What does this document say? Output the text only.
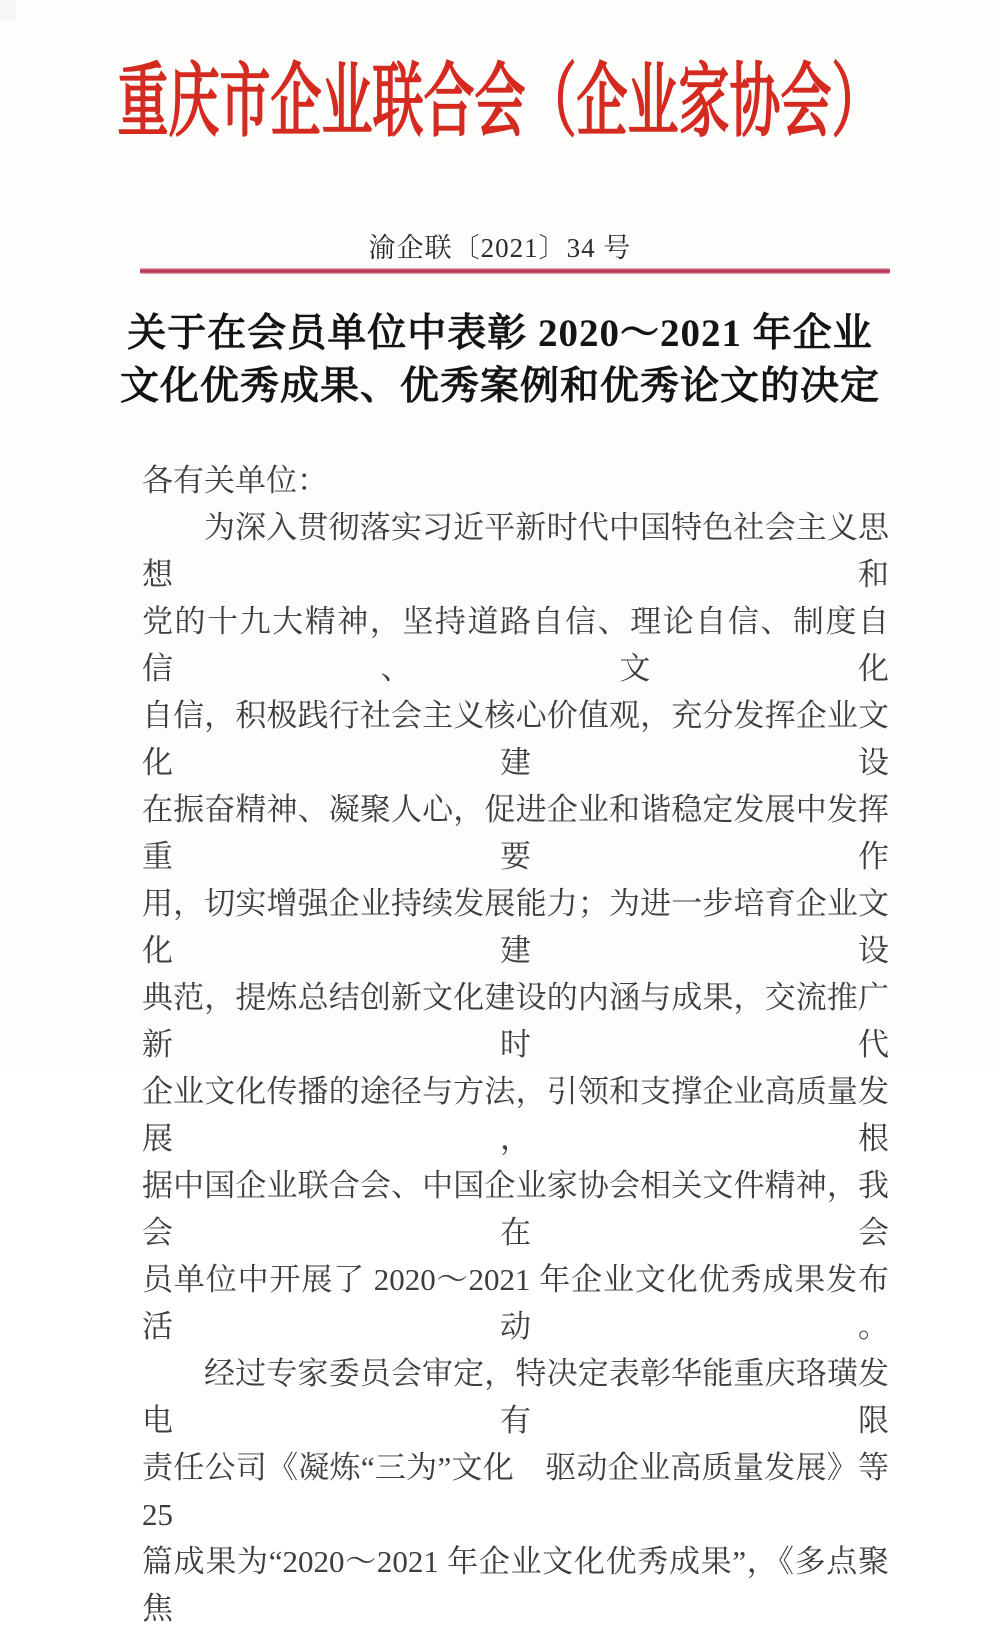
重庆市企业联合会（企业家协会）
渝企联〔2021〕34 号
关于在会员单位中表彰 2020～2021 年企业
文化优秀成果、优秀案例和优秀论文的决定
各有关单位：
为深入贯彻落实习近平新时代中国特色社会主义思想和
党的十九大精神，坚持道路自信、理论自信、制度自信、文化
自信，积极践行社会主义核心价值观，充分发挥企业文化建设
在振奋精神、凝聚人心，促进企业和谐稳定发展中发挥重要作
用，切实增强企业持续发展能力；为进一步培育企业文化建设
典范，提炼总结创新文化建设的内涵与成果，交流推广新时代
企业文化传播的途径与方法，引领和支撑企业高质量发展，根
据中国企业联合会、中国企业家协会相关文件精神，我会在会
员单位中开展了 2020～2021 年企业文化优秀成果发布活动。
经过专家委员会审定，特决定表彰华能重庆珞璜发电有限
责任公司《凝炼“三为”文化　驱动企业高质量发展》等 25
篇成果为“2020～2021 年企业文化优秀成果”，《多点聚焦
